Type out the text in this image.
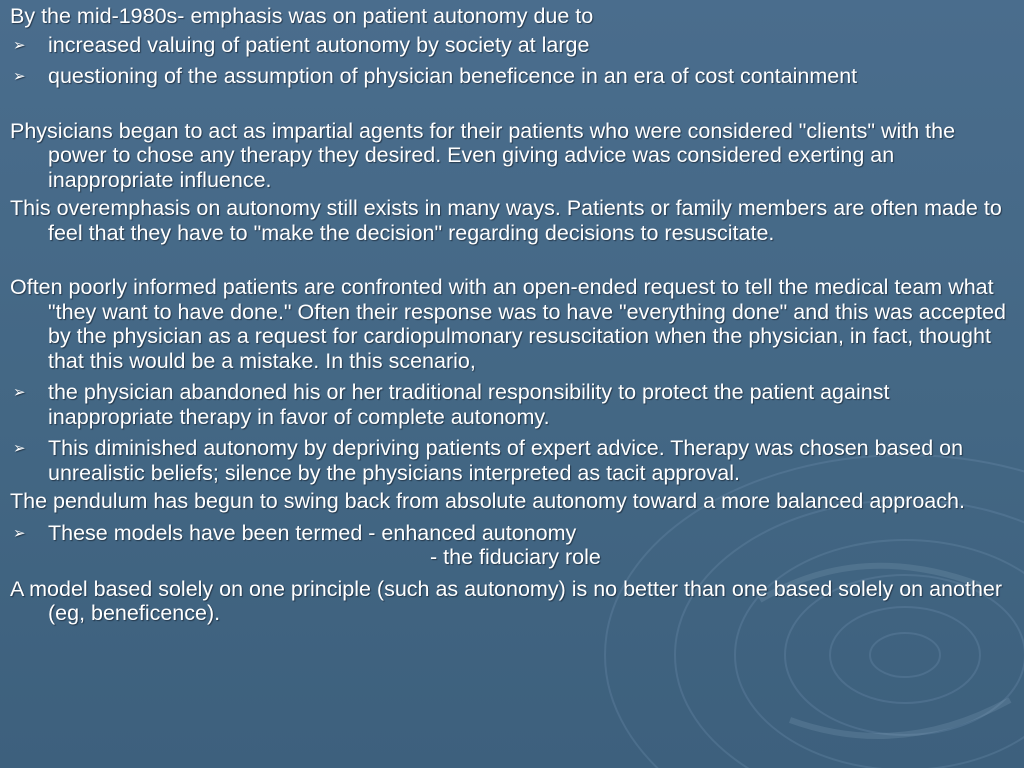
By the mid-1980s- emphasis was on patient autonomy due to

➢ increased valuing of patient autonomy by society at large
➢ questioning of the assumption of physician beneficence in an era of cost containment

Physicians began to act as impartial agents for their patients who were considered "clients" with the power to chose any therapy they desired. Even giving advice was considered exerting an inappropriate influence.

This overemphasis on autonomy still exists in many ways. Patients or family members are often made to feel that they have to "make the decision" regarding decisions to resuscitate.

Often poorly informed patients are confronted with an open-ended request to tell the medical team what "they want to have done." Often their response was to have "everything done" and this was accepted by the physician as a request for cardiopulmonary resuscitation when the physician, in fact, thought that this would be a mistake. In this scenario,

➢ the physician abandoned his or her traditional responsibility to protect the patient against inappropriate therapy in favor of complete autonomy.
➢ This diminished autonomy by depriving patients of expert advice. Therapy was chosen based on unrealistic beliefs; silence by the physicians interpreted as tacit approval.

The pendulum has begun to swing back from absolute autonomy toward a more balanced approach.

➢ These models have been termed - enhanced autonomy

- the fiduciary role

A model based solely on one principle (such as autonomy) is no better than one based solely on another (eg, beneficence).
